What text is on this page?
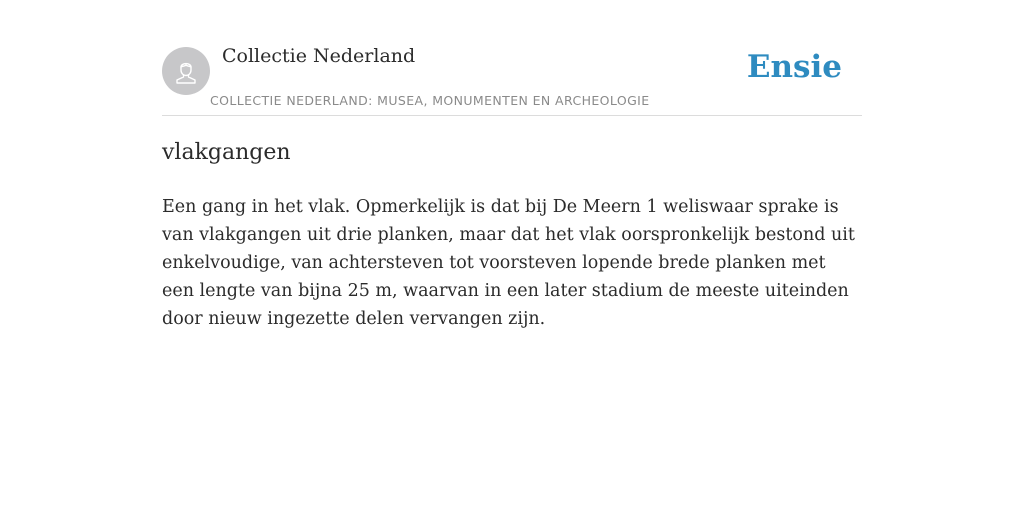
Collectie Nederland
COLLECTIE NEDERLAND: MUSEA, MONUMENTEN EN ARCHEOLOGIE
Ensie
vlakgangen

Een gang in het vlak. Opmerkelijk is dat bij De Meern 1 weliswaar sprake is van vlakgangen uit drie planken, maar dat het vlak oorspronkelijk bestond uit enkelvoudige, van achtersteven tot voorsteven lopende brede planken met een lengte van bijna 25 m, waarvan in een later stadium de meeste uiteinden door nieuw ingezette delen vervangen zijn.
